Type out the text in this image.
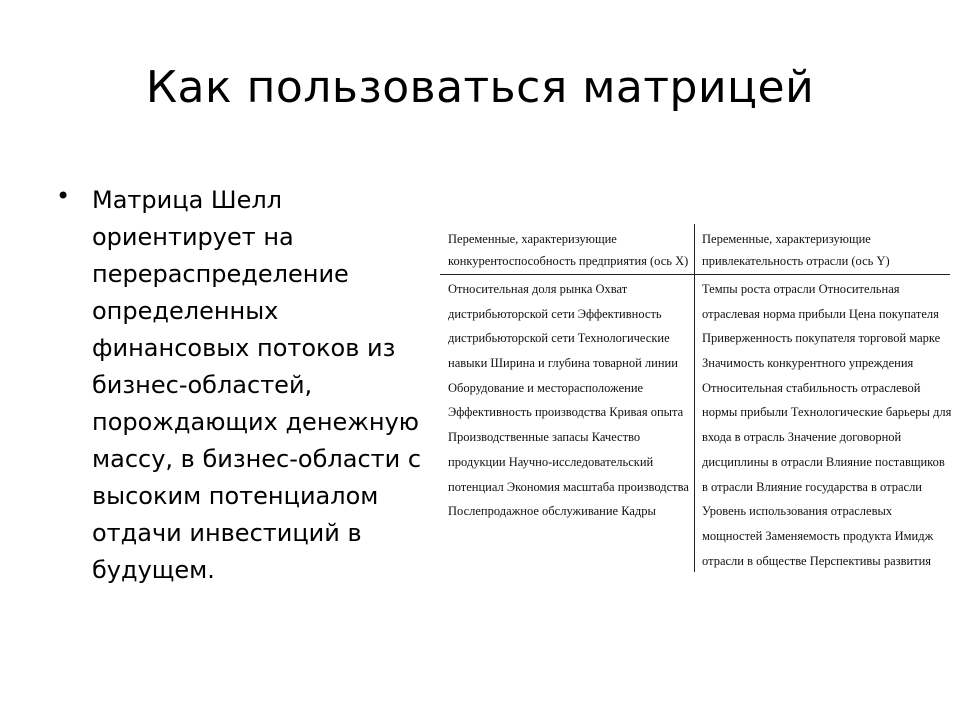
Как пользоваться матрицей
• Матрица Шелл
ориентирует на
перераспределение
определенных
финансовых потоков из
бизнес-областей,
порождающих денежную
массу, в бизнес-области с
высоким потенциалом
отдачи инвестиций в
будущем.
Переменные, характеризующие
конкурентоспособность предприятия (ось X)
Переменные, характеризующие
привлекательность отрасли (ось Y)
Относительная доля рынка Охват
дистрибьюторской сети Эффективность
дистрибьюторской сети Технологические
навыки Ширина и глубина товарной линии
Оборудование и месторасположение
Эффективность производства Кривая опыта
Производственные запасы Качество
продукции Научно-исследовательский
потенциал Экономия масштаба производства
Послепродажное обслуживание Кадры
Темпы роста отрасли Относительная
отраслевая норма прибыли Цена покупателя
Приверженность покупателя торговой марке
Значимость конкурентного упреждения
Относительная стабильность отраслевой
нормы прибыли Технологические барьеры для
входа в отрасль Значение договорной
дисциплины в отрасли Влияние поставщиков
в отрасли Влияние государства в отрасли
Уровень использования отраслевых
мощностей Заменяемость продукта Имидж
отрасли в обществе Перспективы развития
